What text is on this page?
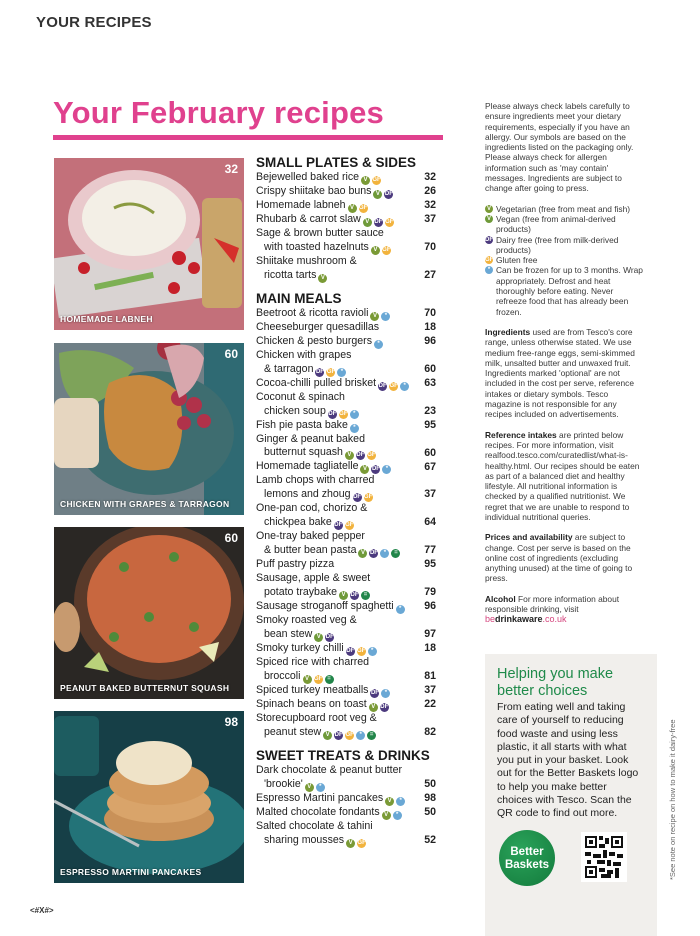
YOUR RECIPES
Your February recipes
32
HOMEMADE LABNEH
60
CHICKEN WITH GRAPES & TARRAGON
60
PEANUT BAKED BUTTERNUT SQUASH
98
ESPRESSO MARTINI PANCAKES
SMALL PLATES & SIDES
Bejewelled baked rice V GF	32
Crispy shiitake bao buns V DF	26
Homemade labneh V GF	32
Rhubarb & carrot slaw V DF GF	37
Sage & brown butter sauce
with toasted hazelnuts V GF	70
Shiitake mushroom &
ricotta tarts V	27
MAIN MEALS
Beetroot & ricotta ravioli V *	70
Cheeseburger quesadillas	18
Chicken & pesto burgers *	96
Chicken with grapes
& tarragon DF GF *	60
Cocoa-chilli pulled brisket DF GF * 63
Coconut & spinach
chicken soup DF GF *	23
Fish pie pasta bake *	95
Ginger & peanut baked
butternut squash V DF GF	60
Homemade tagliatelle V DF *	67
Lamb chops with charred
lemons and zhoug DF GF	37
One-pan cod, chorizo &
chickpea bake DF GF	64
One-tray baked pepper
& butter bean pasta V DF * =	77
Puff pastry pizza	95
Sausage, apple & sweet
potato traybake V DF =	79
Sausage stroganoff spaghetti * 96
Smoky roasted veg &
bean stew V DF	97
Smoky turkey chilli DF GF *	18
Spiced rice with charred
broccoli V GF =	81
Spiced turkey meatballs DF *	37
Spinach beans on toast V DF	22
Storecupboard root veg &
peanut stew V DF GF * =	82
SWEET TREATS & DRINKS
Dark chocolate & peanut butter
'brookie' V *	50
Espresso Martini pancakes V * 98
Malted chocolate fondants V * 50
Salted chocolate & tahini
sharing mousses V GF	52

Please always check labels carefully to ensure ingredients meet your dietary requirements, especially if you have an allergy. Our symbols are based on the ingredients listed on the packaging only. Please always check for allergen information such as 'may contain' messages. Ingredients are subject to change after going to press.

V Vegetarian (free from meat and fish)
V Vegan (free from animal-derived products)
DF Dairy free (free from milk-derived products)
GF Gluten free
* Can be frozen for up to 3 months. Wrap appropriately. Defrost and heat thoroughly before eating. Never refreeze food that has already been frozen.

Ingredients used are from Tesco's core range, unless otherwise stated. We use medium free-range eggs, semi-skimmed milk, unsalted butter and unwaxed fruit. Ingredients marked 'optional' are not included in the cost per serve, reference intakes or dietary symbols. Tesco magazine is not responsible for any recipes included on advertisements.

Reference intakes are printed below recipes. For more information, visit realfood.tesco.com/curatedlist/what-is-healthy.html. Our recipes should be eaten as part of a balanced diet and healthy lifestyle. All nutritional information is checked by a qualified nutritionist. We regret that we are unable to respond to individual nutritional queries.

Prices and availability are subject to change. Cost per serve is based on the online cost of ingredients (excluding anything unused) at the time of going to press.

Alcohol For more information about responsible drinking, visit
bedrinkaware.co.uk

Helping you make better choices

From eating well and taking care of yourself to reducing food waste and using less plastic, it all starts with what you put in your basket. Look out for the Better Baskets logo to help you make better choices with Tesco. Scan the QR code to find out more.

Better
Baskets	*See note on recipe on how to make it dairy-free
<#X#>
